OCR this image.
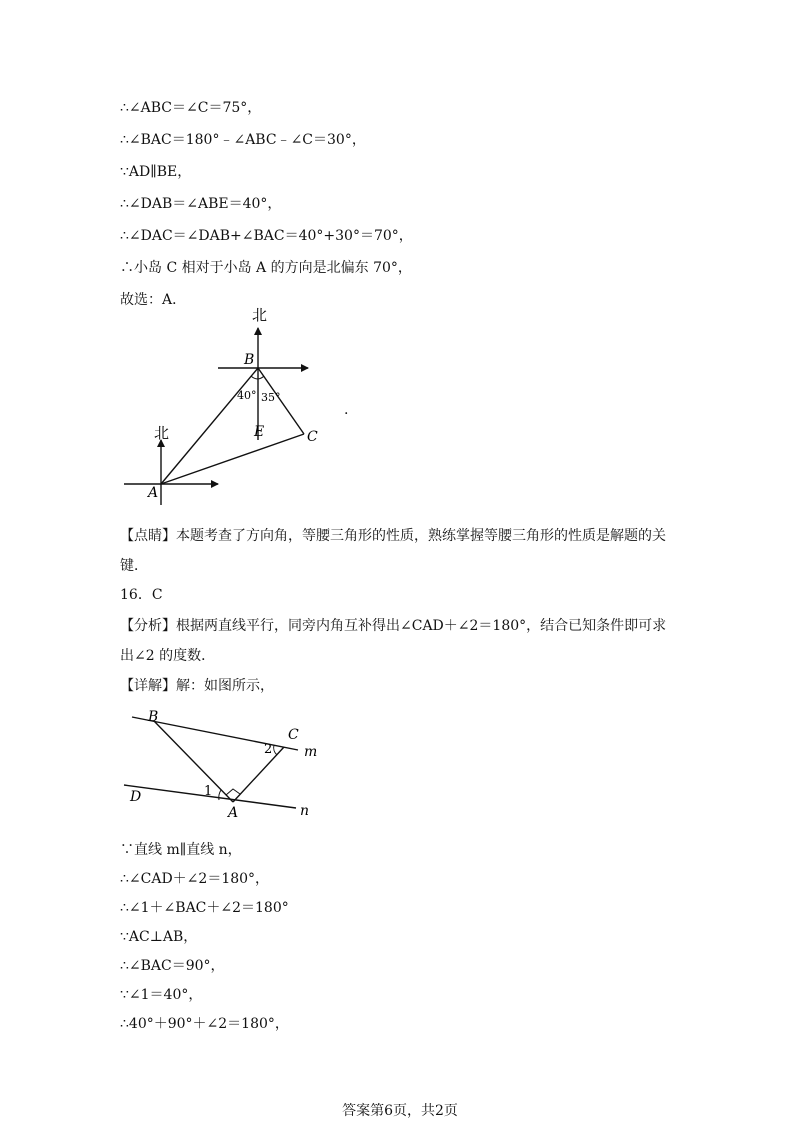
∴∠ABC＝∠C＝75°，
∴∠BAC＝180°﹣∠ABC﹣∠C＝30°，
∵AD∥BE，
∴∠DAB＝∠ABE＝40°，
∴∠DAC＝∠DAB+∠BAC＝40°+30°＝70°，
∴小岛 C 相对于小岛 A 的方向是北偏东 70°，
故选：A．
北
北
B
40° 35°
E	C
A
.
【点睛】本题考查了方向角，等腰三角形的性质，熟练掌握等腰三角形的性质是解题的关键．
16．C
【分析】根据两直线平行，同旁内角互补得出∠CAD＋∠2＝180°，结合已知条件即可求出∠2 的度数．
【详解】解：如图所示，
B
C
2 m
D	1
A	n
∵直线 m∥直线 n，
∴∠CAD＋∠2＝180°，
∴∠1＋∠BAC＋∠2＝180°
∵AC⊥AB，
∴∠BAC＝90°，
∵∠1＝40°，
∴40°＋90°＋∠2＝180°，
答案第6页，共2页
